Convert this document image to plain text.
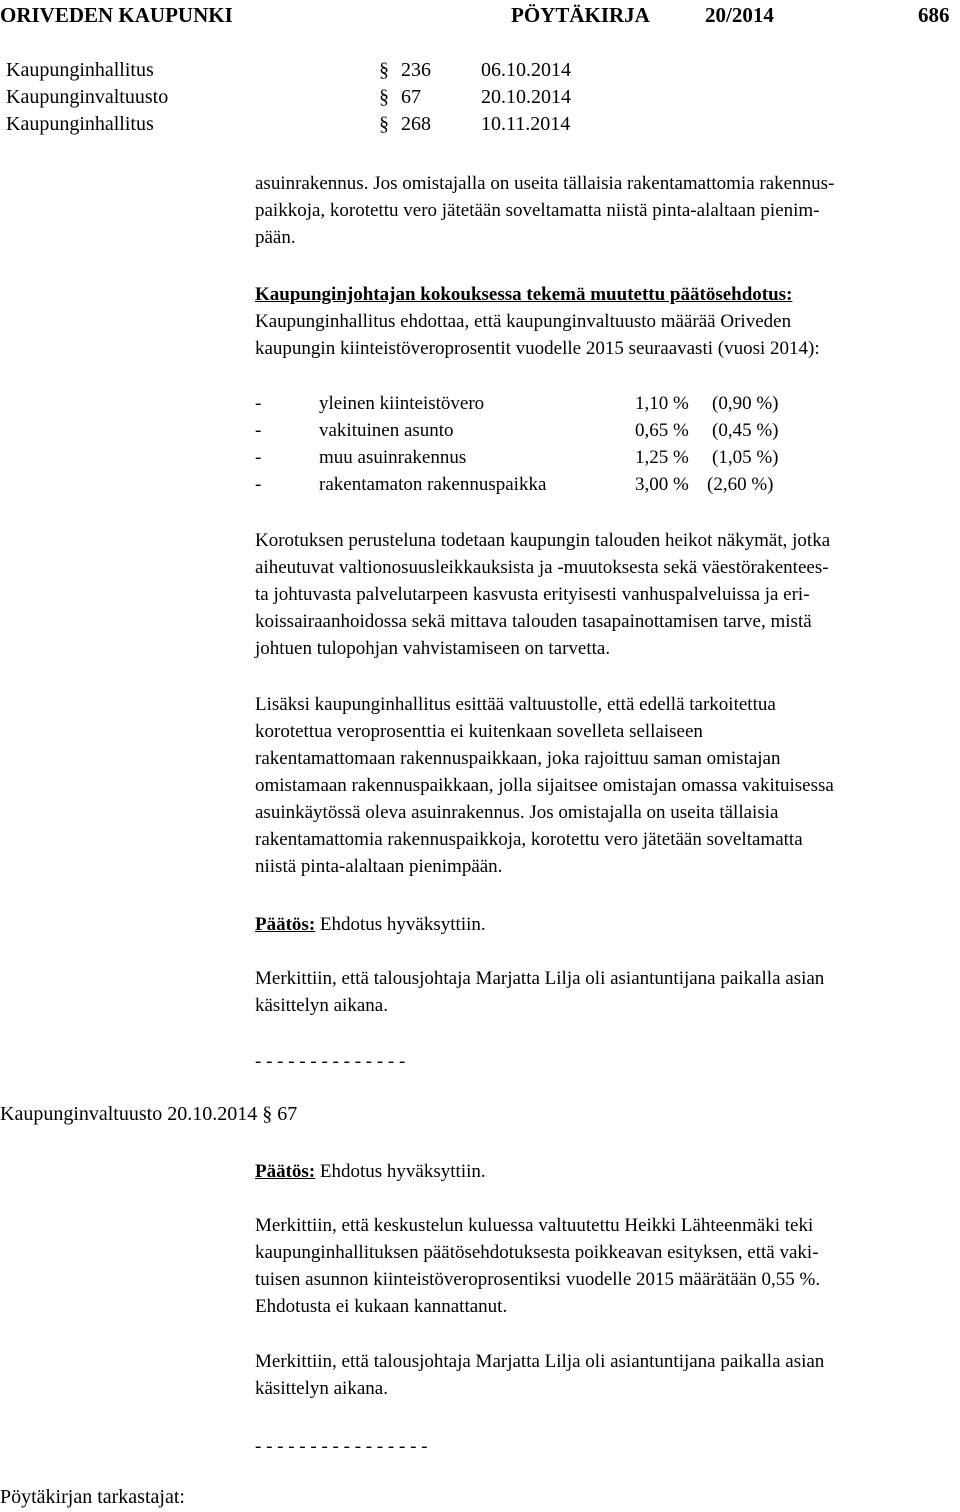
ORIVEDEN KAUPUNKI	PÖYTÄKIRJA	20/2014	686
Kaupunginhallitus	§ 236	06.10.2014
Kaupunginvaltuusto	§ 67	20.10.2014
Kaupunginhallitus	§ 268	10.11.2014
asuinrakennus. Jos omistajalla on useita tällaisia rakentamattomia rakennus-
paikkoja, korotettu vero jätetään soveltamatta niistä pinta-alaltaan pienim-
pään.
Kaupunginjohtajan kokouksessa tekemä muutettu päätösehdotus:
Kaupunginhallitus ehdottaa, että kaupunginvaltuusto määrää Oriveden
kaupungin kiinteistöveroprosentit vuodelle 2015 seuraavasti (vuosi 2014):
-	yleinen kiinteistövero	1,10 % (0,90 %)
-	vakituinen asunto	0,65 % (0,45 %)
-	muu asuinrakennus	1,25 % (1,05 %)
-	rakentamaton rakennuspaikka	3,00 % (2,60 %)
Korotuksen perusteluna todetaan kaupungin talouden heikot näkymät, jotka
aiheutuvat valtionosuusleikkauksista ja -muutoksesta sekä väestörakentees-
ta johtuvasta palvelutarpeen kasvusta erityisesti vanhuspalveluissa ja eri-
koissairaanhoidossa sekä mittava talouden tasapainottamisen tarve, mistä
johtuen tulopohjan vahvistamiseen on tarvetta.
Lisäksi kaupunginhallitus esittää valtuustolle, että edellä tarkoitettua
korotettua veroprosenttia ei kuitenkaan sovelleta sellaiseen
rakentamattomaan rakennuspaikkaan, joka rajoittuu saman omistajan
omistamaan rakennuspaikkaan, jolla sijaitsee omistajan omassa vakituisessa
asuinkäytössä oleva asuinrakennus. Jos omistajalla on useita tällaisia
rakentamattomia rakennuspaikkoja, korotettu vero jätetään soveltamatta
niistä pinta-alaltaan pienimpään.
Päätös: Ehdotus hyväksyttiin.
Merkittiin, että talousjohtaja Marjatta Lilja oli asiantuntijana paikalla asian
käsittelyn aikana.
- - - - - - - - - - - - - -
Kaupunginvaltuusto 20.10.2014 § 67
Päätös: Ehdotus hyväksyttiin.
Merkittiin, että keskustelun kuluessa valtuutettu Heikki Lähteenmäki teki
kaupunginhallituksen päätösehdotuksesta poikkeavan esityksen, että vaki-
tuisen asunnon kiinteistöveroprosentiksi vuodelle 2015 määrätään 0,55 %.
Ehdotusta ei kukaan kannattanut.
Merkittiin, että talousjohtaja Marjatta Lilja oli asiantuntijana paikalla asian
käsittelyn aikana.
- - - - - - - - - - - - - - - -
Pöytäkirjan tarkastajat:
